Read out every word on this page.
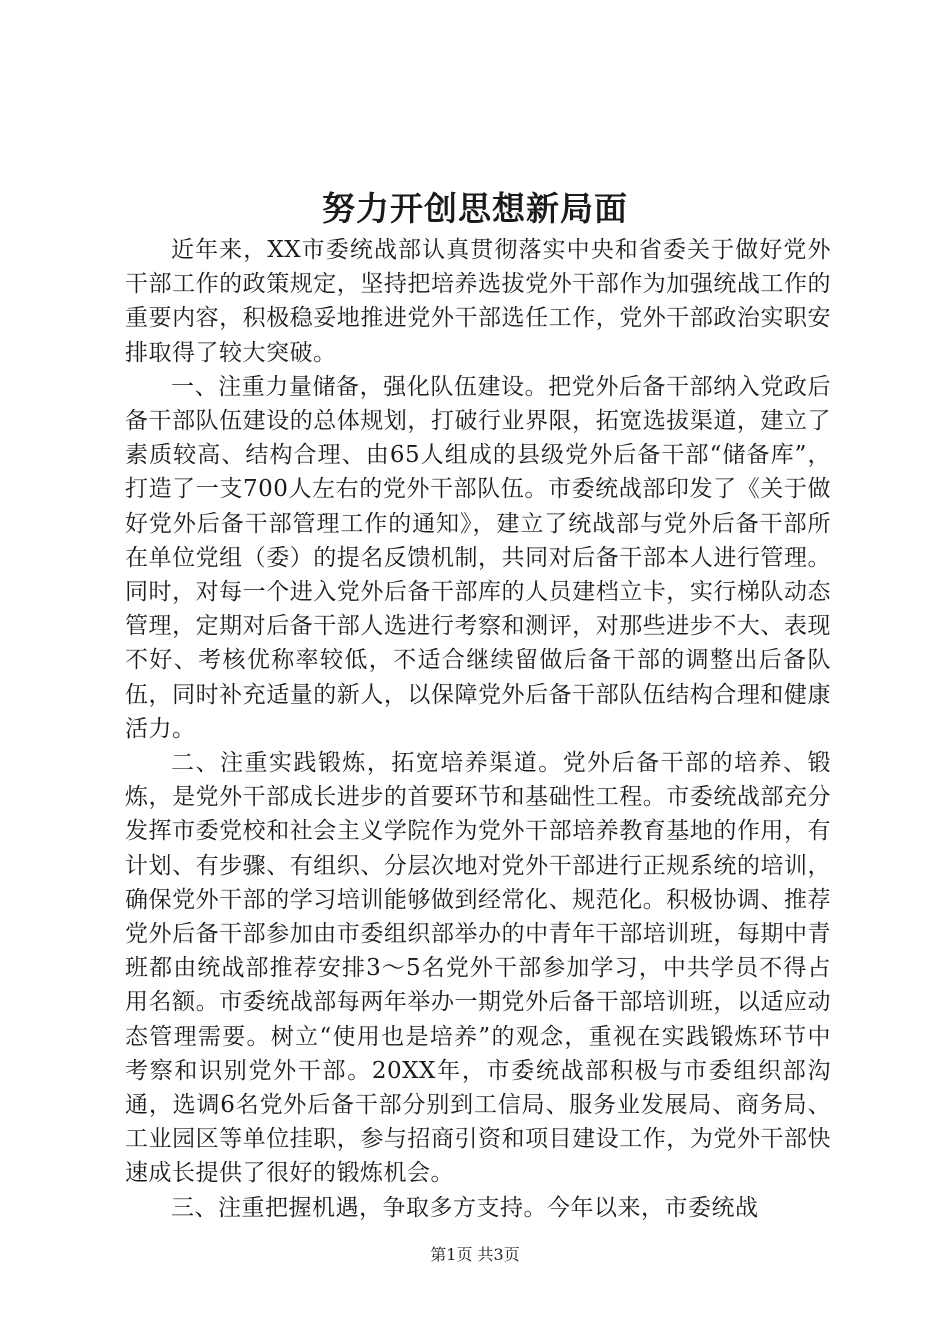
努力开创思想新局面

近年来，XX市委统战部认真贯彻落实中央和省委关于做好党外干部工作的政策规定，坚持把培养选拔党外干部作为加强统战工作的重要内容，积极稳妥地推进党外干部选任工作，党外干部政治实职安排取得了较大突破。

一、注重力量储备，强化队伍建设。把党外后备干部纳入党政后备干部队伍建设的总体规划，打破行业界限，拓宽选拔渠道，建立了素质较高、结构合理、由65人组成的县级党外后备干部“储备库”，打造了一支700人左右的党外干部队伍。市委统战部印发了《关于做好党外后备干部管理工作的通知》，建立了统战部与党外后备干部所在单位党组（委）的提名反馈机制，共同对后备干部本人进行管理。同时，对每一个进入党外后备干部库的人员建档立卡，实行梯队动态管理，定期对后备干部人选进行考察和测评，对那些进步不大、表现不好、考核优称率较低，不适合继续留做后备干部的调整出后备队伍，同时补充适量的新人，以保障党外后备干部队伍结构合理和健康活力。

二、注重实践锻炼，拓宽培养渠道。党外后备干部的培养、锻炼，是党外干部成长进步的首要环节和基础性工程。市委统战部充分发挥市委党校和社会主义学院作为党外干部培养教育基地的作用，有计划、有步骤、有组织、分层次地对党外干部进行正规系统的培训，确保党外干部的学习培训能够做到经常化、规范化。积极协调、推荐党外后备干部参加由市委组织部举办的中青年干部培训班，每期中青班都由统战部推荐安排3～5名党外干部参加学习，中共学员不得占用名额。市委统战部每两年举办一期党外后备干部培训班，以适应动态管理需要。树立“使用也是培养”的观念，重视在实践锻炼环节中考察和识别党外干部。20XX年，市委统战部积极与市委组织部沟通，选调6名党外后备干部分别到工信局、服务业发展局、商务局、工业园区等单位挂职，参与招商引资和项目建设工作，为党外干部快速成长提供了很好的锻炼机会。

三、注重把握机遇，争取多方支持。今年以来，市委统战

第1页 共3页
